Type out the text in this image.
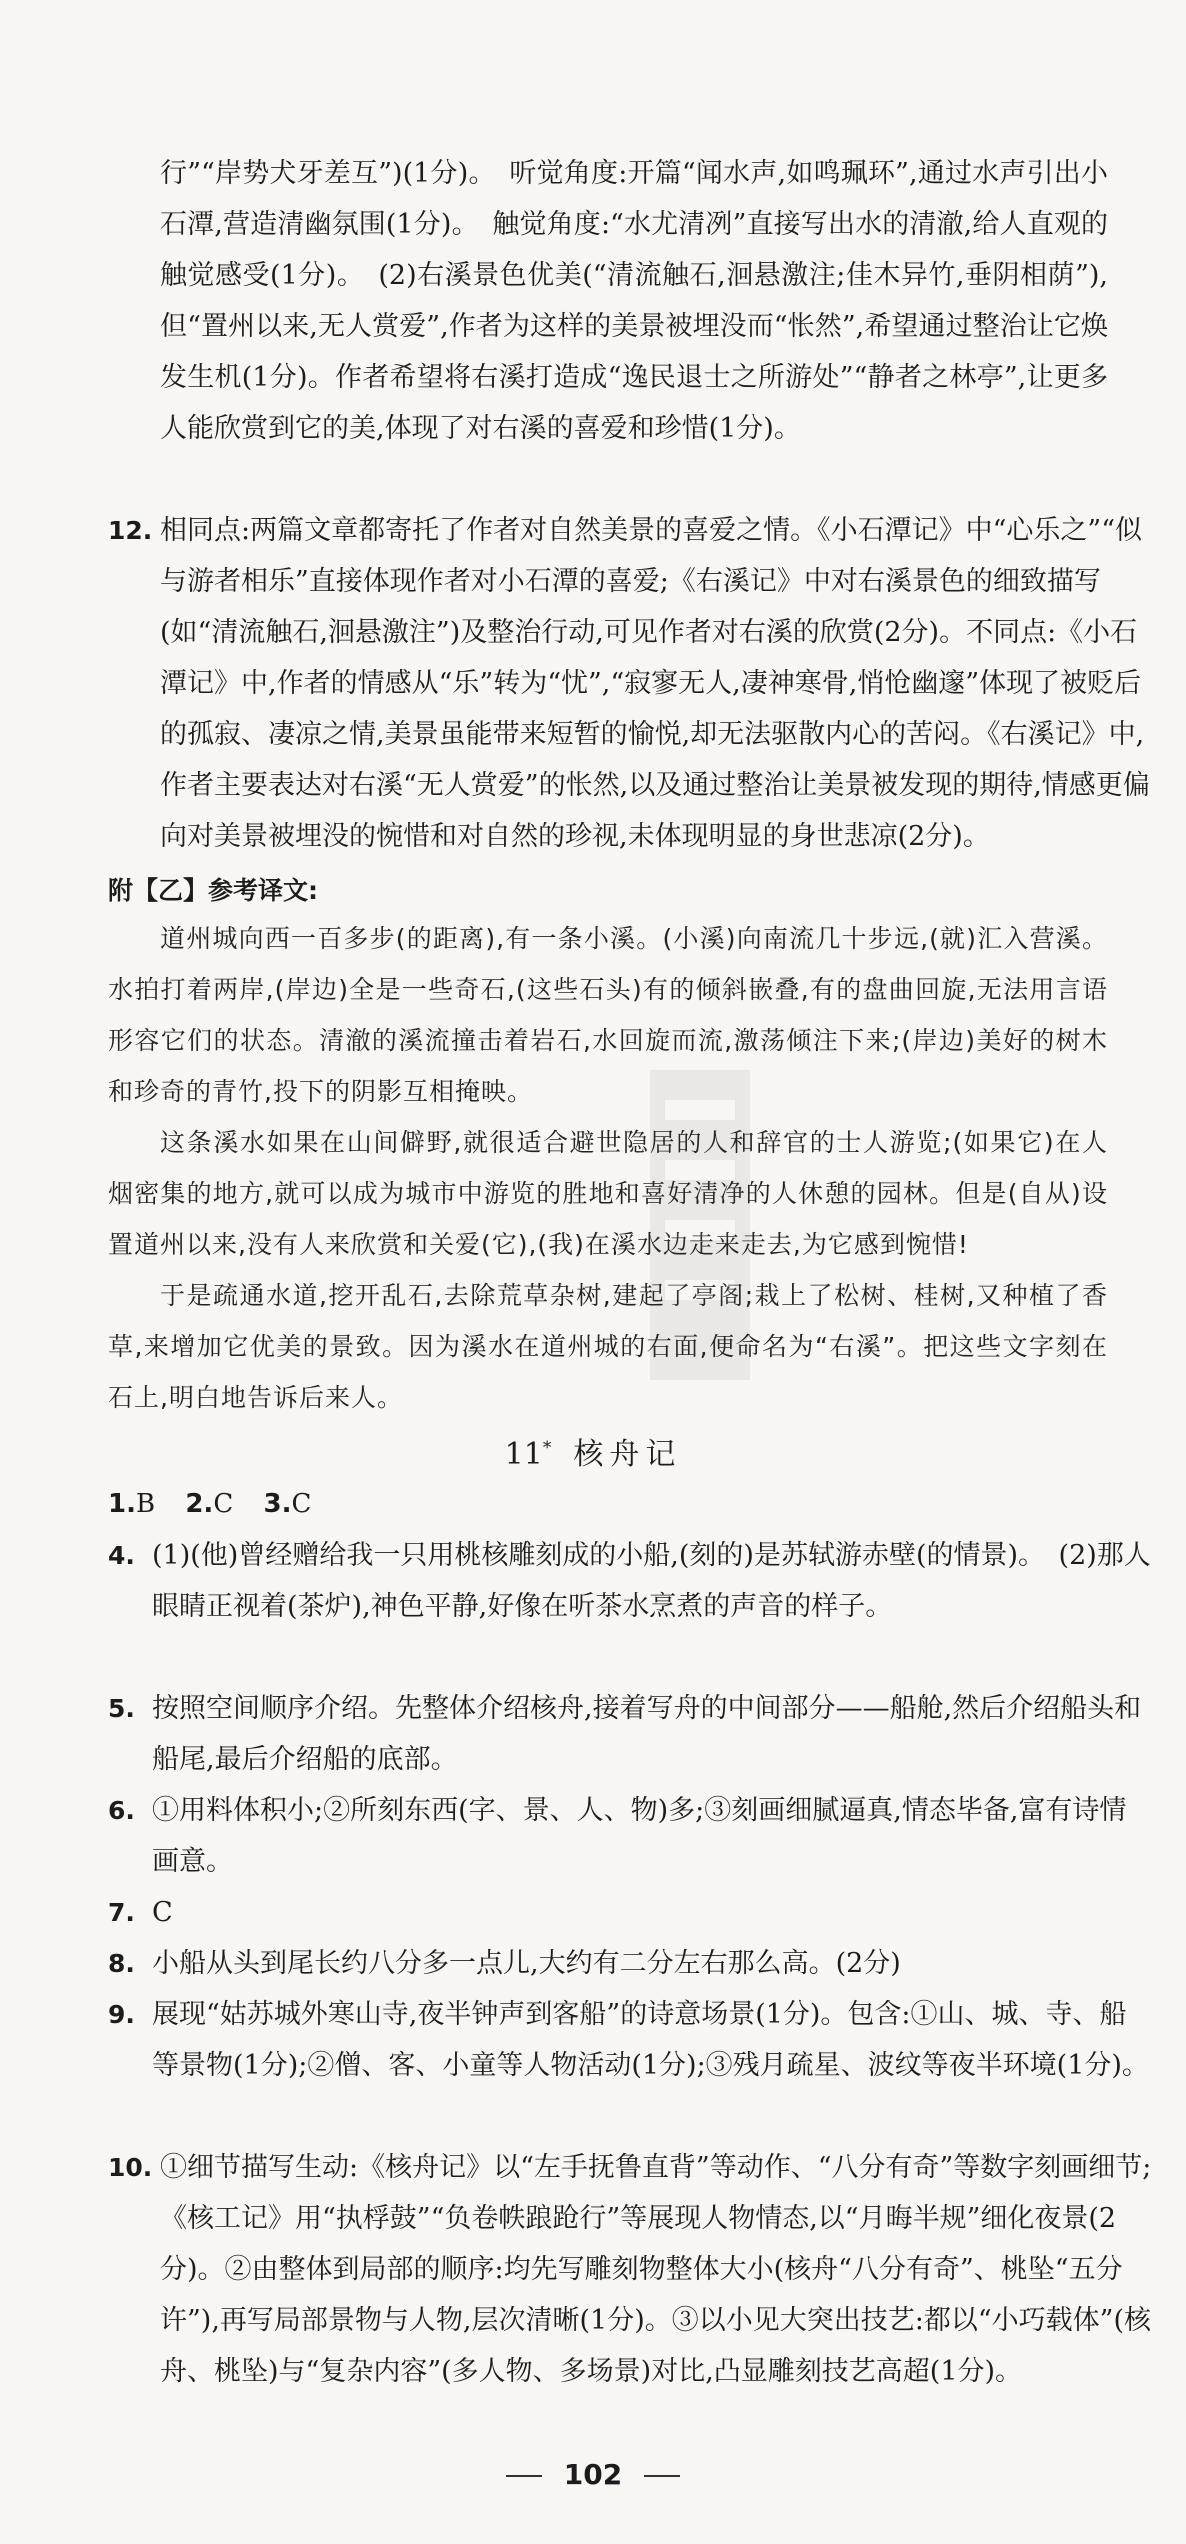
行”“岸势犬牙差互”)(1分)。　听觉角度:开篇“闻水声,如鸣珮环”,通过水声引出小石潭,营造清幽氛围(1分)。　触觉角度:“水尤清冽”直接写出水的清澈,给人直观的触觉感受(1分)。　(2)右溪景色优美(“清流触石,洄悬激注;佳木异竹,垂阴相荫”),但“置州以来,无人赏爱”,作者为这样的美景被埋没而“怅然”,希望通过整治让它焕发生机(1分)。作者希望将右溪打造成“逸民退士之所游处”“静者之林亭”,让更多人能欣赏到它的美,体现了对右溪的喜爱和珍惜(1分)。

12. 相同点:两篇文章都寄托了作者对自然美景的喜爱之情。《小石潭记》中“心乐之”“似与游者相乐”直接体现作者对小石潭的喜爱;《右溪记》中对右溪景色的细致描写(如“清流触石,洄悬激注”)及整治行动,可见作者对右溪的欣赏(2分)。不同点:《小石潭记》中,作者的情感从“乐”转为“忧”,“寂寥无人,凄神寒骨,悄怆幽邃”体现了被贬后的孤寂、凄凉之情,美景虽能带来短暂的愉悦,却无法驱散内心的苦闷。《右溪记》中,作者主要表达对右溪“无人赏爱”的怅然,以及通过整治让美景被发现的期待,情感更偏向对美景被埋没的惋惜和对自然的珍视,未体现明显的身世悲凉(2分)。
附【乙】参考译文:

道州城向西一百多步(的距离),有一条小溪。(小溪)向南流几十步远,(就)汇入营溪。水拍打着两岸,(岸边)全是一些奇石,(这些石头)有的倾斜嵌叠,有的盘曲回旋,无法用言语形容它们的状态。清澈的溪流撞击着岩石,水回旋而流,激荡倾注下来;(岸边)美好的树木和珍奇的青竹,投下的阴影互相掩映。

这条溪水如果在山间僻野,就很适合避世隐居的人和辞官的士人游览;(如果它)在人烟密集的地方,就可以成为城市中游览的胜地和喜好清净的人休憩的园林。但是(自从)设置道州以来,没有人来欣赏和关爱(它),(我)在溪水边走来走去,为它感到惋惜!

于是疏通水道,挖开乱石,去除荒草杂树,建起了亭阁;栽上了松树、桂树,又种植了香草,来增加它优美的景致。因为溪水在道州城的右面,便命名为“右溪”。把这些文字刻在石上,明白地告诉后来人。

11* 核舟记
1.B 2.C 3.C
4. (1)(他)曾经赠给我一只用桃核雕刻成的小船,(刻的)是苏轼游赤壁(的情景)。　(2)那人眼睛正视着(茶炉),神色平静,好像在听茶水烹煮的声音的样子。
5. 按照空间顺序介绍。先整体介绍核舟,接着写舟的中间部分——船舱,然后介绍船头和船尾,最后介绍船的底部。
6. ①用料体积小;②所刻东西(字、景、人、物)多;③刻画细腻逼真,情态毕备,富有诗情画意。
7. C
8. 小船从头到尾长约八分多一点儿,大约有二分左右那么高。(2分)
9. 展现“姑苏城外寒山寺,夜半钟声到客船”的诗意场景(1分)。包含:①山、城、寺、船等景物(1分);②僧、客、小童等人物活动(1分);③残月疏星、波纹等夜半环境(1分)。
10. ①细节描写生动:《核舟记》以“左手抚鲁直背”等动作、“八分有奇”等数字刻画细节;《核工记》用“执桴鼓”“负卷帙踉跄行”等展现人物情态,以“月晦半规”细化夜景(2分)。②由整体到局部的顺序:均先写雕刻物整体大小(核舟“八分有奇”、桃坠“五分许”),再写局部景物与人物,层次清晰(1分)。③以小见大突出技艺:都以“小巧载体”(核舟、桃坠)与“复杂内容”(多人物、多场景)对比,凸显雕刻技艺高超(1分)。
102
